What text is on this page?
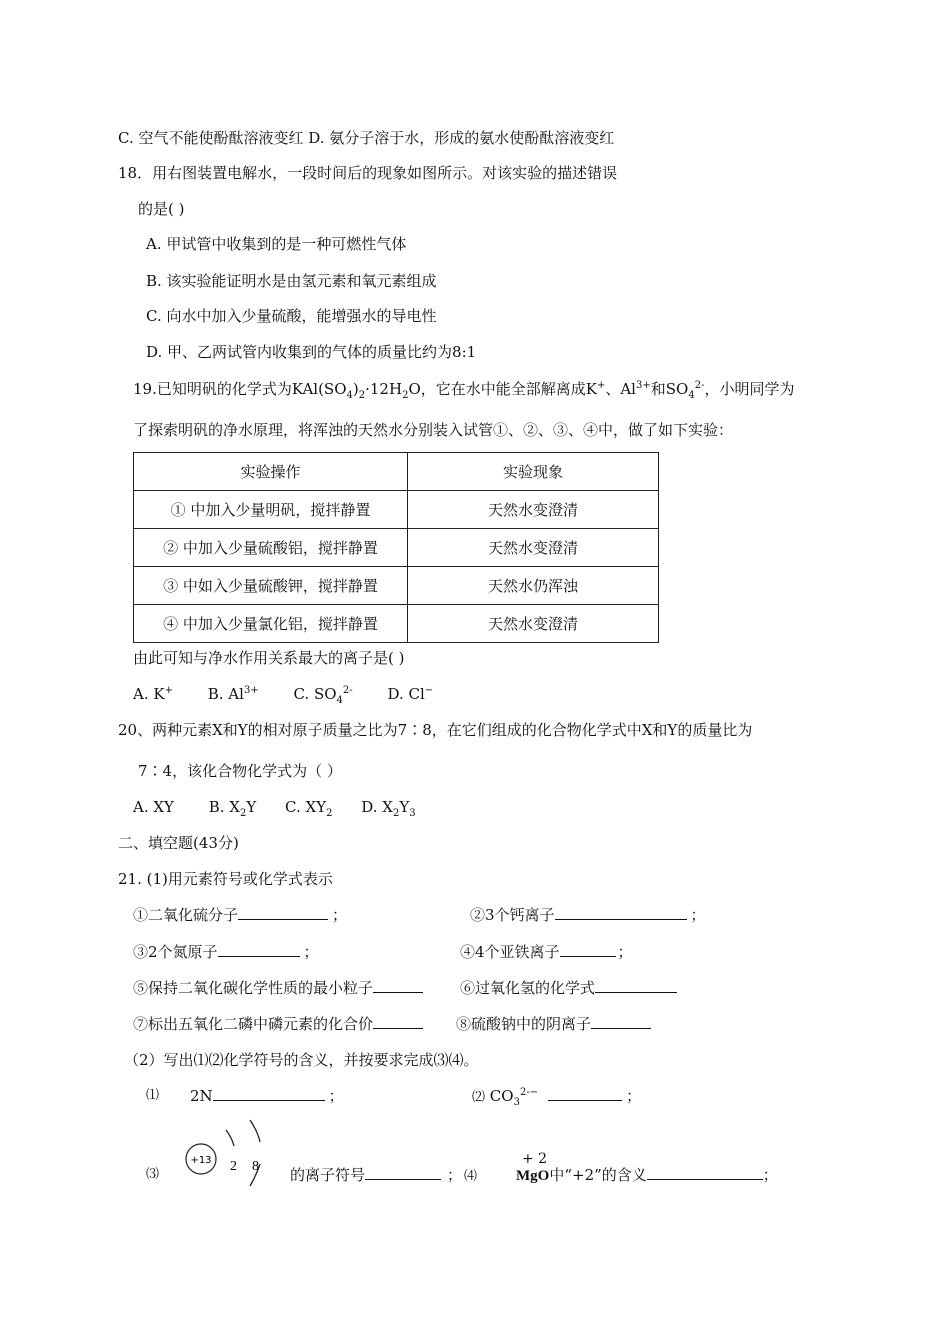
C. 空气不能使酚酞溶液变红 D. 氨分子溶于水，形成的氨水使酚酞溶液变红
18．用右图装置电解水，一段时间后的现象如图所示。对该实验的描述错误
的是( )
A. 甲试管中收集到的是一种可燃性气体
B. 该实验能证明水是由氢元素和氧元素组成
C. 向水中加入少量硫酸，能增强水的导电性
D. 甲、乙两试管内收集到的气体的质量比约为8:1
19.已知明矾的化学式为$KAl(SO_4)_2\cdot 12H_2O$，它在水中能全部解离成K+、$Al^{3+}$和$SO_4^{2-}$，小明同学为
了探索明矾的净水原理，将浑浊的天然水分别装入试管①、②、③、④中，做了如下实验：
实验操作	实验现象
① 中加入少量明矾，搅拌静置	天然水变澄清
② 中加入少量硫酸铝，搅拌静置	天然水变澄清
③ 中如入少量硫酸钾，搅拌静置	天然水仍浑浊
④ 中加入少量氯化铝，搅拌静置	天然水变澄清
由此可知与净水作用关系最大的离子是( )
A. K+ B. $Al^{3+}$ C. $SO_4^{2-}$ D. Cl−
20、两种元素X和Y的相对原子质量之比为7∶8，在它们组成的化合物化学式中X和Y的质量比为
7∶4，该化合物化学式为（ ）
A. XY B. $X_2Y$ C. $XY_2$ D. $X_2Y_3$
二、填空题(43分)
21. (1)用元素符号或化学式表示
①二氧化硫分子	；	②3个钙离子	；
③2个氮原子	；	④4个亚铁离子	；
⑤保持二氧化碳化学性质的最小粒子	⑥过氧化氢的化学式
⑦标出五氧化二磷中磷元素的化合价	⑧硫酸钠中的阴离子
（2）写出⑴⑵化学符号的含义，并按要求完成⑶⑷。
⑴ 2N	；	⑵ $CO_3^{2--}$	；
⑶
+13 2 8 的离子符号	； ⑷
+ 2
MgO中“+2”的含义	；
